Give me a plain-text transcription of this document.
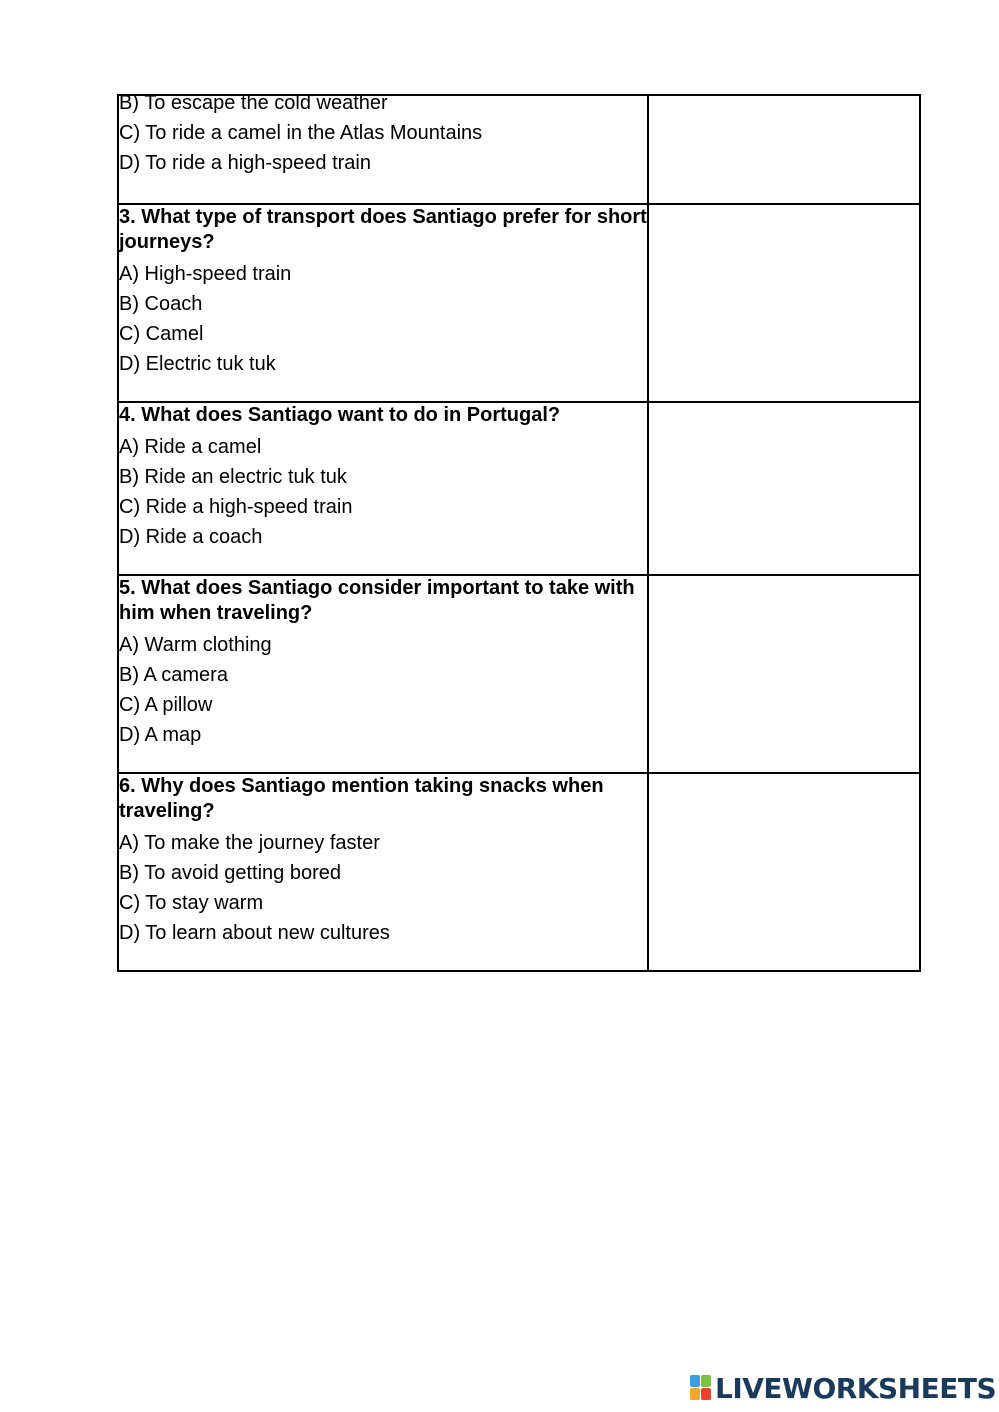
B) To escape the cold weather

C) To ride a camel in the Atlas Mountains

D) To ride a high-speed train	

3. What type of transport does Santiago prefer for short journeys?

A) High-speed train

B) Coach

C) Camel

D) Electric tuk tuk	

4. What does Santiago want to do in Portugal?

A) Ride a camel

B) Ride an electric tuk tuk

C) Ride a high-speed train

D) Ride a coach	

5. What does Santiago consider important to take with him when traveling?

A) Warm clothing

B) A camera

C) A pillow

D) A map	

6. Why does Santiago mention taking snacks when traveling?

A) To make the journey faster

B) To avoid getting bored

C) To stay warm

D) To learn about new cultures	

LIVEWORKSHEETS
